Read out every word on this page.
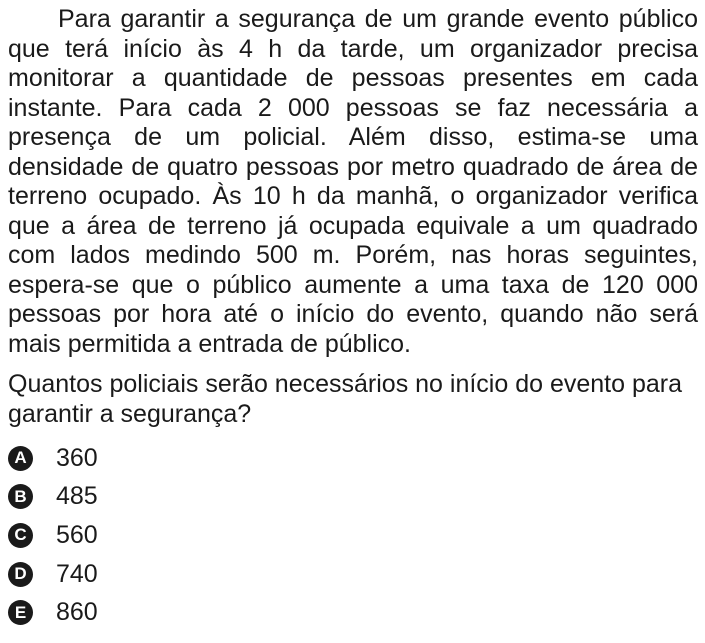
Para garantir a segurança de um grande evento público que terá início às 4 h da tarde, um organizador precisa monitorar a quantidade de pessoas presentes em cada instante. Para cada 2 000 pessoas se faz necessária a presença de um policial. Além disso, estima-se uma densidade de quatro pessoas por metro quadrado de área de terreno ocupado. Às 10 h da manhã, o organizador verifica que a área de terreno já ocupada equivale a um quadrado com lados medindo 500 m. Porém, nas horas seguintes, espera-se que o público aumente a uma taxa de 120 000 pessoas por hora até o início do evento, quando não será mais permitida a entrada de público.

Quantos policiais serão necessários no início do evento para garantir a segurança?

A 360
B 485
C 560
D 740
E 860
